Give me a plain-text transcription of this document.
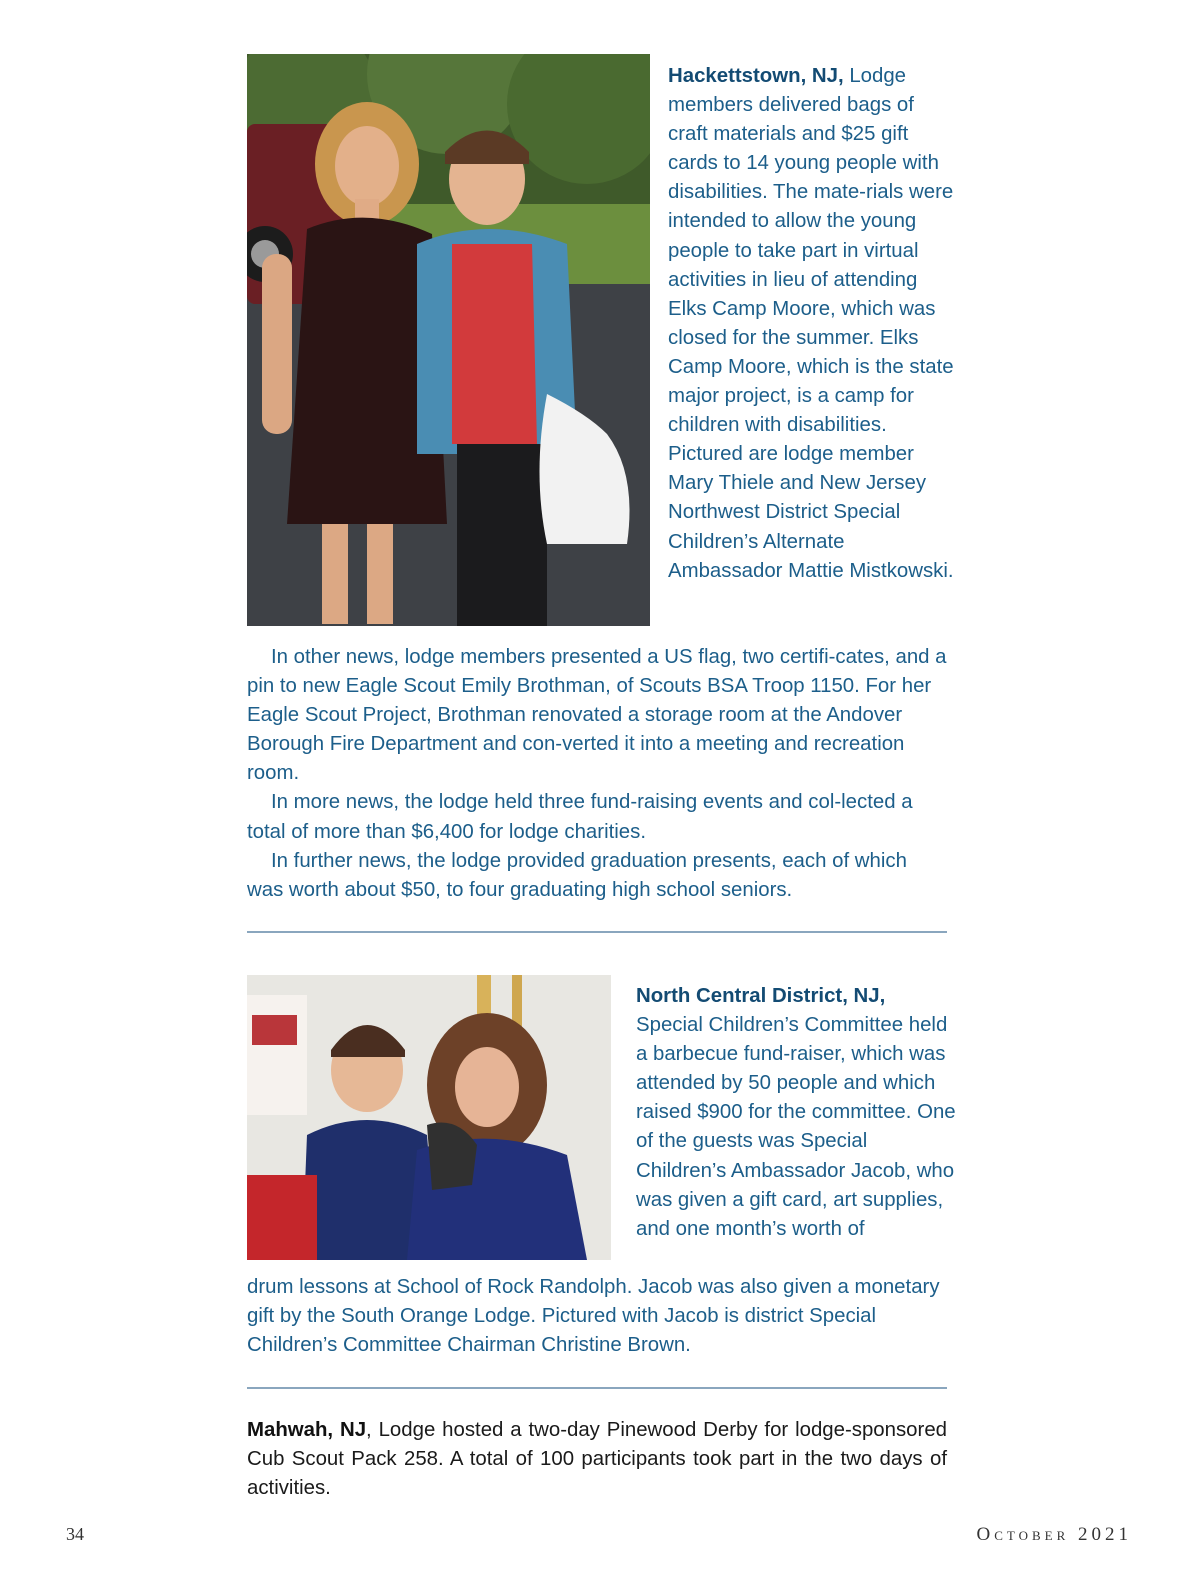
Hackettstown, NJ, Lodge members delivered bags of craft materials and $25 gift cards to 14 young people with disabilities. The mate-rials were intended to allow the young people to take part in virtual activities in lieu of attending Elks Camp Moore, which was closed for the summer. Elks Camp Moore, which is the state major project, is a camp for children with disabilities. Pictured are lodge member Mary Thiele and New Jersey Northwest District Special Children’s Alternate Ambassador Mattie Mistkowski.

In other news, lodge members presented a US flag, two certifi-cates, and a pin to new Eagle Scout Emily Brothman, of Scouts BSA Troop 1150. For her Eagle Scout Project, Brothman renovated a storage room at the Andover Borough Fire Department and con-verted it into a meeting and recreation room.

In more news, the lodge held three fund-raising events and col-lected a total of more than $6,400 for lodge charities.

In further news, the lodge provided graduation presents, each of which was worth about $50, to four graduating high school seniors.

North Central District, NJ,
Special Children’s Committee held a barbecue fund-raiser, which was attended by 50 people and which raised $900 for the committee. One of the guests was Special Children’s Ambassador Jacob, who was given a gift card, art supplies, and one month’s worth of

drum lessons at School of Rock Randolph. Jacob was also given a monetary gift by the South Orange Lodge. Pictured with Jacob is district Special Children’s Committee Chairman Christine Brown.

Mahwah, NJ, Lodge hosted a two-day Pinewood Derby for lodge-sponsored Cub Scout Pack 258. A total of 100 participants took part in the two days of activities.

34	October 2021
